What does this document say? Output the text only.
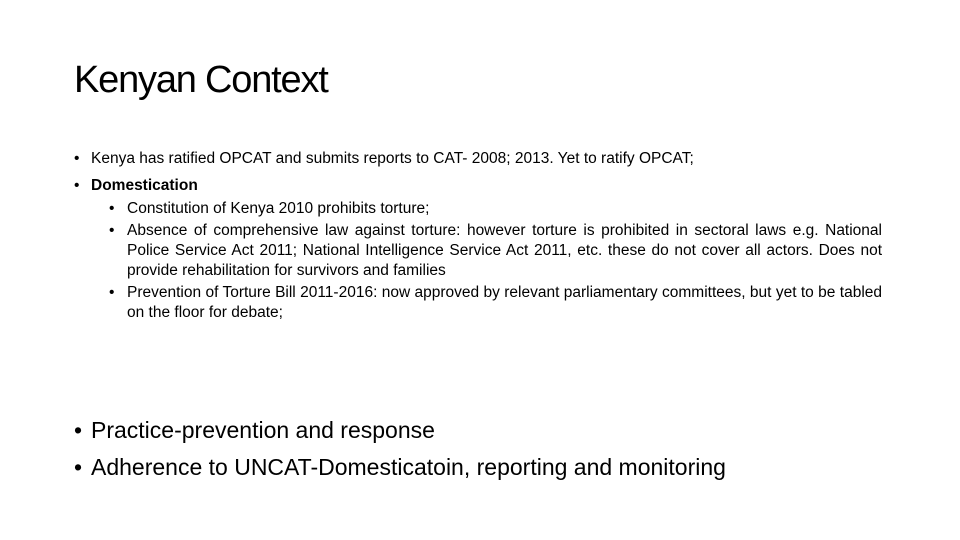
Kenyan Context
• Kenya has ratified OPCAT and submits reports to CAT- 2008; 2013. Yet to ratify OPCAT;
• Domestication
• Constitution of Kenya 2010 prohibits torture;
• Absence of comprehensive law against torture: however torture is prohibited in sectoral laws e.g. National Police Service Act 2011; National Intelligence Service Act 2011, etc. these do not cover all actors. Does not provide rehabilitation for survivors and families
• Prevention of Torture Bill 2011-2016: now approved by relevant parliamentary committees, but yet to be tabled on the floor for debate;
• Practice-prevention and response
• Adherence to UNCAT-Domesticatoin, reporting and monitoring
